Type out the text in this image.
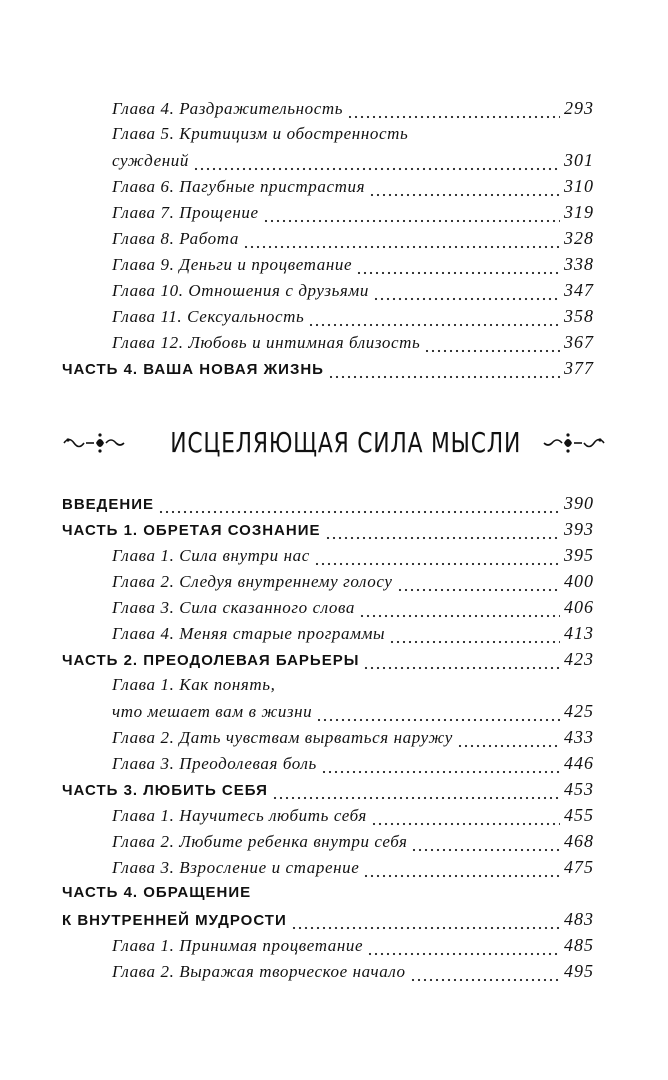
Глава 4. Раздражительность	293
Глава 5. Критицизм и обостренность
суждений	301
Глава 6. Пагубные пристрастия	310
Глава 7. Прощение	319
Глава 8. Работа	328
Глава 9. Деньги и процветание	338
Глава 10. Отношения с друзьями	347
Глава 11. Сексуальность	358
Глава 12. Любовь и интимная близость	367
ЧАСТЬ 4. ВАША НОВАЯ ЖИЗНЬ	377
ИСЦЕЛЯЮЩАЯ СИЛА МЫСЛИ
ВВЕДЕНИЕ	390
ЧАСТЬ 1. ОБРЕТАЯ СОЗНАНИЕ	393
Глава 1. Сила внутри нас	395
Глава 2. Следуя внутреннему голосу	400
Глава 3. Сила сказанного слова	406
Глава 4. Меняя старые программы	413
ЧАСТЬ 2. ПРЕОДОЛЕВАЯ БАРЬЕРЫ	423
Глава 1. Как понять,
что мешает вам в жизни	425
Глава 2. Дать чувствам вырваться наружу	433
Глава 3. Преодолевая боль	446
ЧАСТЬ 3. ЛЮБИТЬ СЕБЯ	453
Глава 1. Научитесь любить себя	455
Глава 2. Любите ребенка внутри себя	468
Глава 3. Взросление и старение	475
ЧАСТЬ 4. ОБРАЩЕНИЕ
К ВНУТРЕННЕЙ МУДРОСТИ	483
Глава 1. Принимая процветание	485
Глава 2. Выражая творческое начало	495
